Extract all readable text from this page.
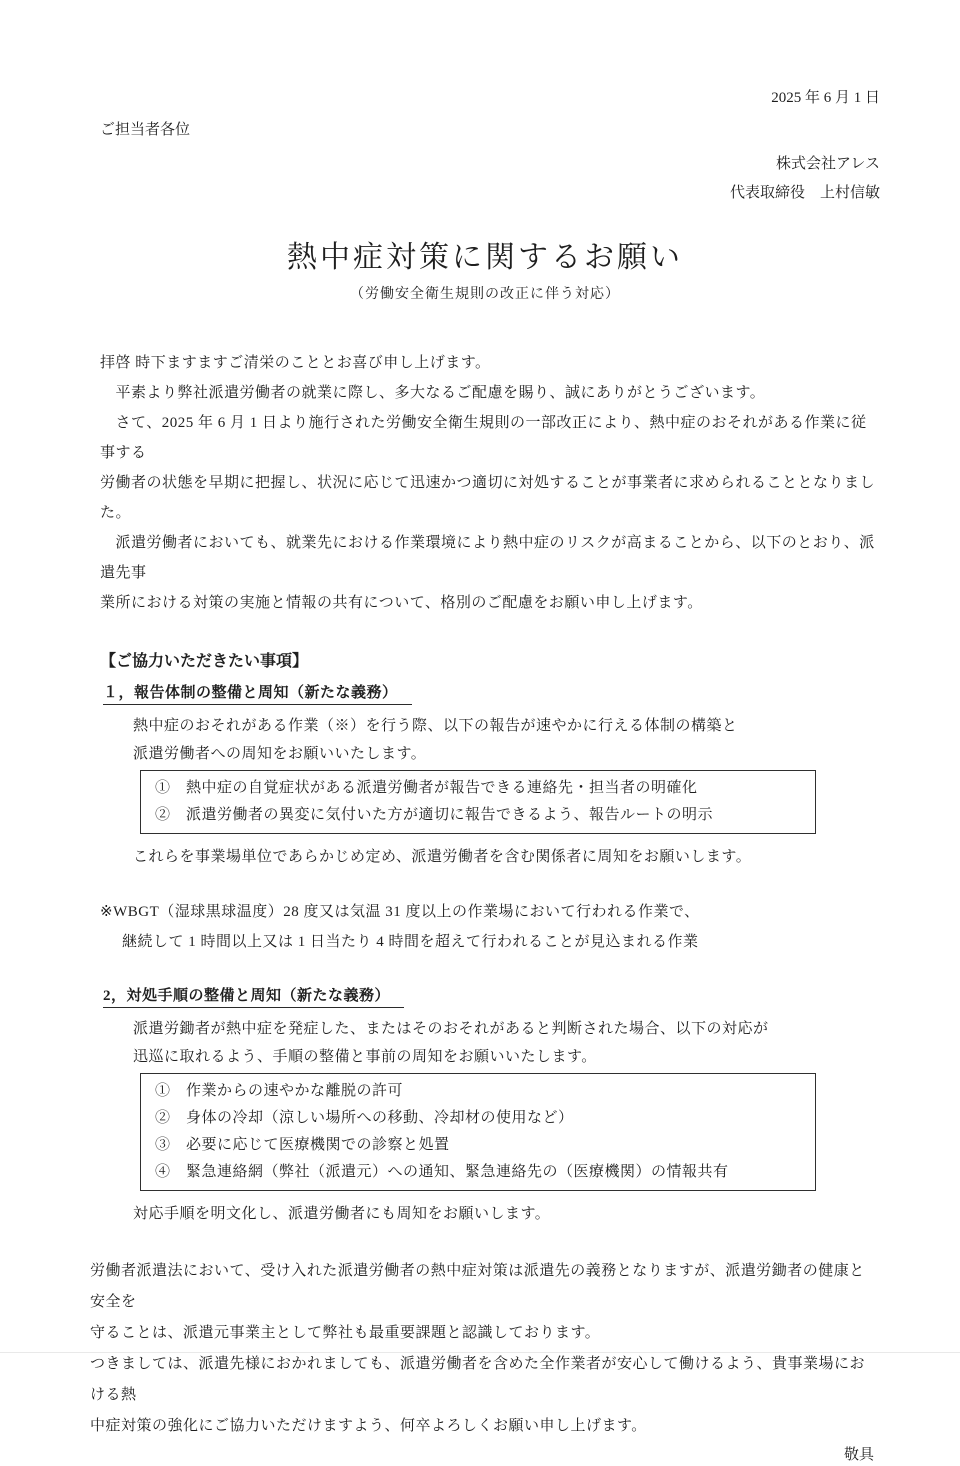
2025 年 6 月 1 日
ご担当者各位
株式会社アレス
代表取締役　上村信敏
熱中症対策に関するお願い
（労働安全衛生規則の改正に伴う対応）
拝啓 時下ますますご清栄のこととお喜び申し上げます。
　平素より弊社派遣労働者の就業に際し、多大なるご配慮を賜り、誠にありがとうございます。
　さて、2025 年 6 月 1 日より施行された労働安全衛生規則の一部改正により、熱中症のおそれがある作業に従事する
労働者の状態を早期に把握し、状況に応じて迅速かつ適切に対処することが事業者に求められることとなりました。
　派遣労働者においても、就業先における作業環境により熱中症のリスクが高まることから、以下のとおり、派遣先事
業所における対策の実施と情報の共有について、格別のご配慮をお願い申し上げます。
【ご協力いただきたい事項】
１，報告体制の整備と周知（新たな義務）
熱中症のおそれがある作業（※）を行う際、以下の報告が速やかに行える体制の構築と
派遣労働者への周知をお願いいたします。
①　熱中症の自覚症状がある派遣労働者が報告できる連絡先・担当者の明確化
②　派遣労働者の異変に気付いた方が適切に報告できるよう、報告ルートの明示
これらを事業場単位であらかじめ定め、派遣労働者を含む関係者に周知をお願いします。
※WBGT（湿球黒球温度）28 度又は気温 31 度以上の作業場において行われる作業で、
継続して 1 時間以上又は 1 日当たり 4 時間を超えて行われることが見込まれる作業
2，対処手順の整備と周知（新たな義務）
派遣労鋤者が熱中症を発症した、またはそのおそれがあると判断された場合、以下の対応が
迅巡に取れるよう、手順の整備と事前の周知をお願いいたします。
①　作業からの速やかな離脱の許可
②　身体の冷却（涼しい場所への移動、冷却材の使用など）
③　必要に応じて医療機関での診察と処置
④　緊急連絡網（弊社（派遣元）への通知、緊急連絡先の（医療機関）の情報共有
対応手順を明文化し、派遣労働者にも周知をお願いします。
労働者派遣法において、受け入れた派遣労働者の熱中症対策は派遣先の義務となりますが、派遣労鋤者の健康と安全を
守ることは、派遣元事業主として弊社も最重要課題と認識しております。
つきましては、派遣先様におかれましても、派遣労働者を含めた全作業者が安心して働けるよう、貴事業場における熱
中症対策の強化にご協力いただけますよう、何卒よろしくお願い申し上げます。
敬具
